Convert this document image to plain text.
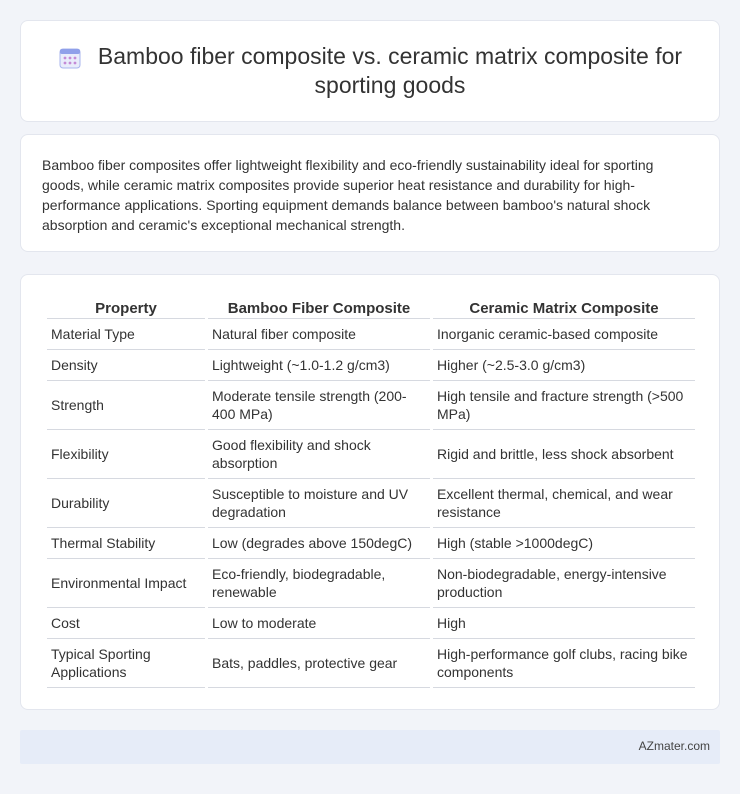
Bamboo fiber composite vs. ceramic matrix composite for sporting goods

Bamboo fiber composites offer lightweight flexibility and eco-friendly sustainability ideal for sporting goods, while ceramic matrix composites provide superior heat resistance and durability for high-performance applications. Sporting equipment demands balance between bamboo's natural shock absorption and ceramic's exceptional mechanical strength.

Property	Bamboo Fiber Composite	Ceramic Matrix Composite
Material Type	Natural fiber composite	Inorganic ceramic-based composite
Density	Lightweight (~1.0-1.2 g/cm3)	Higher (~2.5-3.0 g/cm3)
Strength	Moderate tensile strength (200-400 MPa)	High tensile and fracture strength (>500 MPa)
Flexibility	Good flexibility and shock absorption	Rigid and brittle, less shock absorbent
Durability	Susceptible to moisture and UV degradation	Excellent thermal, chemical, and wear resistance
Thermal Stability	Low (degrades above 150degC)	High (stable >1000degC)
Environmental Impact	Eco-friendly, biodegradable, renewable	Non-biodegradable, energy-intensive production
Cost	Low to moderate	High
Typical Sporting Applications	Bats, paddles, protective gear	High-performance golf clubs, racing bike components
AZmater.com
